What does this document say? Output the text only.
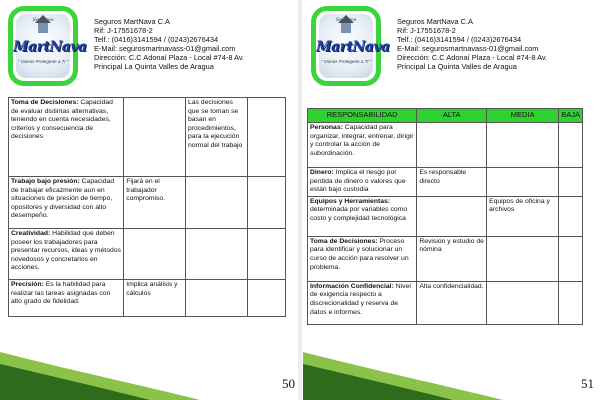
Seguros
MartNava
" Vamos Protegerte a Ti "
Seguros MartNava C.A
Rif: J-17551678-2
Telf.: (0416)3141594 / (0243)2676434
E-Mail: segurosmartnavass-01@gmail.com
Dirección: C.C Adonaí Plaza - Local #74-8 Av.
Principal La Quinta Valles de Aragua
Toma de Decisiones: Capacidad de evaluar distintas alternativas, teniendo en cuenta necesidades, criterios y consecuencia de decisiones		Las decisiones que se toman se basan en procedimientos, para la ejecución normal del trabajo	
Trabajo bajo presión: Capacidad de trabajar eficazmente aun en situaciones de presión de tiempo, opositores y diversidad con alto desempeño.	Fijará en el trabajador compromiso.		
Creatividad: Habilidad que deben poseer los trabajadores para presentar recursos, ideas y métodos novedosos y concretarlos en acciones.			
Precisión: Es la habilidad para realizar las tareas asignadas con alto grado de fidelidad.	Implica análisis y cálculos		
50
Seguros
MartNava
" Vamos Protegerte a Ti "
Seguros MartNava C.A
Rif: J-17551678-2
Telf.: (0416)3141594 / (0243)2676434
E-Mail: segurosmartnavass-01@gmail.com
Dirección: C.C Adonaí Plaza - Local #74-8 Av.
Principal La Quinta Valles de Aragua
RESPONSABILIDAD	ALTA	MEDIA	BAJA
Personas: Capacidad para organizar, integrar, entrenar, dirigir y controlar la acción de subordinación.			
Dinero: Implica el riesgo por perdida de dinero o valores que están bajo custodia	Es responsable directo		
Equipos y Herramientas: determinada por variables como costo y complejidad tecnológica		Equipos de oficina y archivos	
Toma de Decisiones: Proceso para identificar y solucionar un curso de acción para resolver un problema.	Revisión y estudio de nómina		
Información Confidencial: Nivel de exigencia respecto a discrecionalidad y reserva de datos e informes.	Alta confidencialidad.		
51
